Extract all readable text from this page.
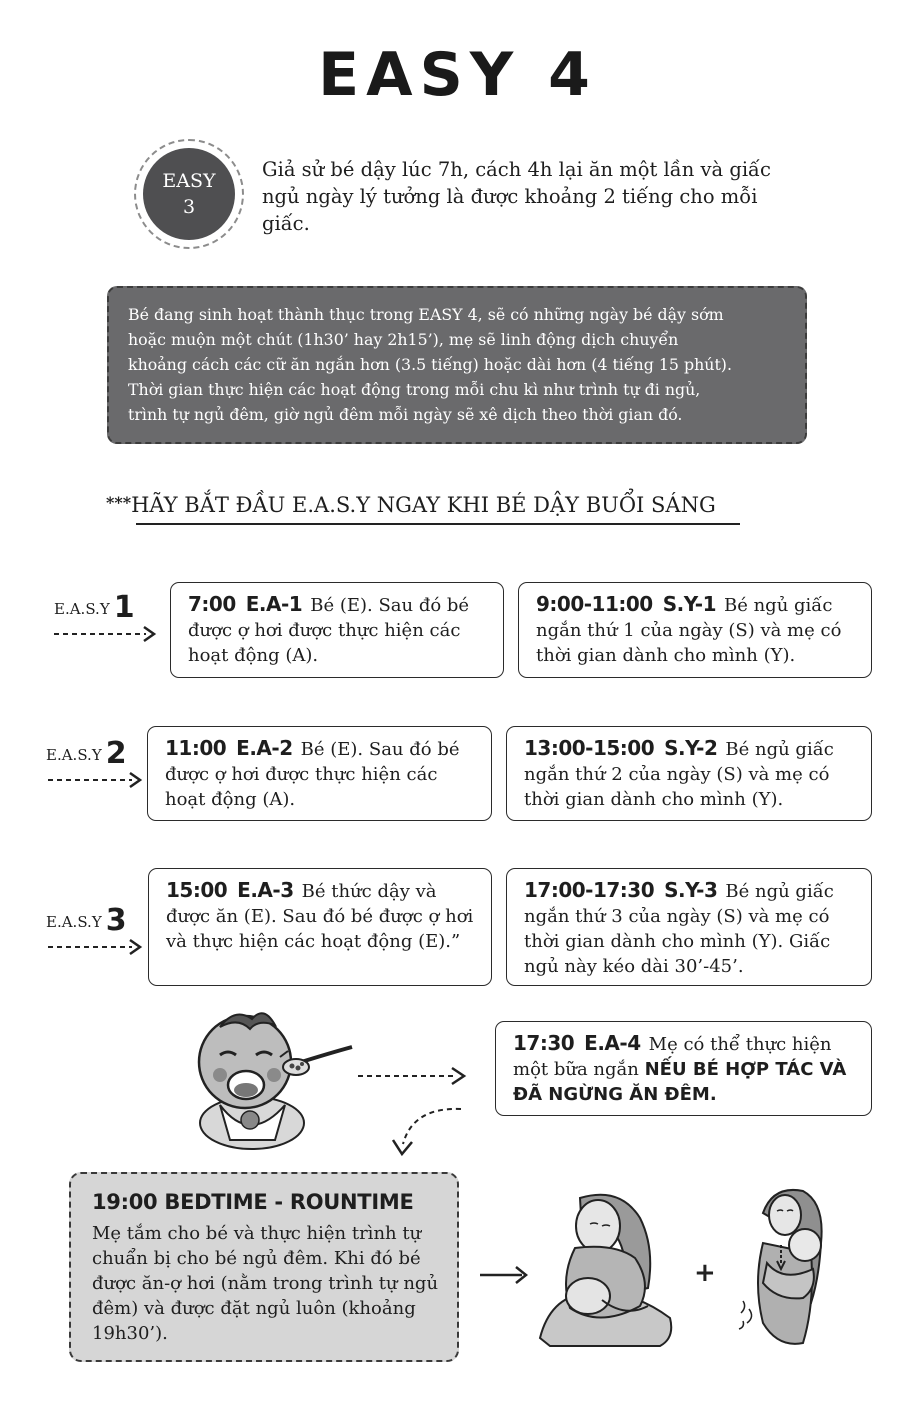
EASY 4
EASY
3
Giả sử bé dậy lúc 7h, cách 4h lại ăn một lần và giấc ngủ ngày lý tưởng là được khoảng 2 tiếng cho mỗi giấc.
Bé đang sinh hoạt thành thục trong EASY 4, sẽ có những ngày bé dậy sớm
hoặc muộn một chút (1h30’ hay 2h15’), mẹ sẽ linh động dịch chuyển
khoảng cách các cữ ăn ngắn hơn (3.5 tiếng) hoặc dài hơn (4 tiếng 15 phút).
Thời gian thực hiện các hoạt động trong mỗi chu kì như trình tự đi ngủ,
trình tự ngủ đêm, giờ ngủ đêm mỗi ngày sẽ xê dịch theo thời gian đó.
***HÃY BẮT ĐẦU E.A.S.Y NGAY KHI BÉ DẬY BUỔI SÁNG
E.A.S.Y 1	7:00 E.A-1 Bé (E). Sau đó bé được ợ hơi được thực hiện các hoạt động (A).
9:00-11:00 S.Y-1 Bé ngủ giấc ngắn thứ 1 của ngày (S) và mẹ có thời gian dành cho mình (Y).
E.A.S.Y 2	11:00 E.A-2 Bé (E). Sau đó bé được ợ hơi được thực hiện các hoạt động (A).
13:00-15:00 S.Y-2 Bé ngủ giấc ngắn thứ 2 của ngày (S) và mẹ có thời gian dành cho mình (Y).
E.A.S.Y 3
15:00 E.A-3 Bé thức dậy và được ăn (E). Sau đó bé được ợ hơi và thực hiện các hoạt động (E).”
17:00-17:30 S.Y-3 Bé ngủ giấc ngắn thứ 3 của ngày (S) và mẹ có thời gian dành cho mình (Y). Giấc ngủ này kéo dài 30’-45’.
17:30 E.A-4 Mẹ có thể thực hiện một bữa ngắn NẾU BÉ HỢP TÁC VÀ ĐÃ NGỪNG ĂN ĐÊM.
19:00 BEDTIME - ROUNTIME
Mẹ tắm cho bé và thực hiện trình tự chuẩn bị cho bé ngủ đêm. Khi đó bé được ăn-ợ hơi (nằm trong trình tự ngủ đêm) và được đặt ngủ luôn (khoảng 19h30’).
+
